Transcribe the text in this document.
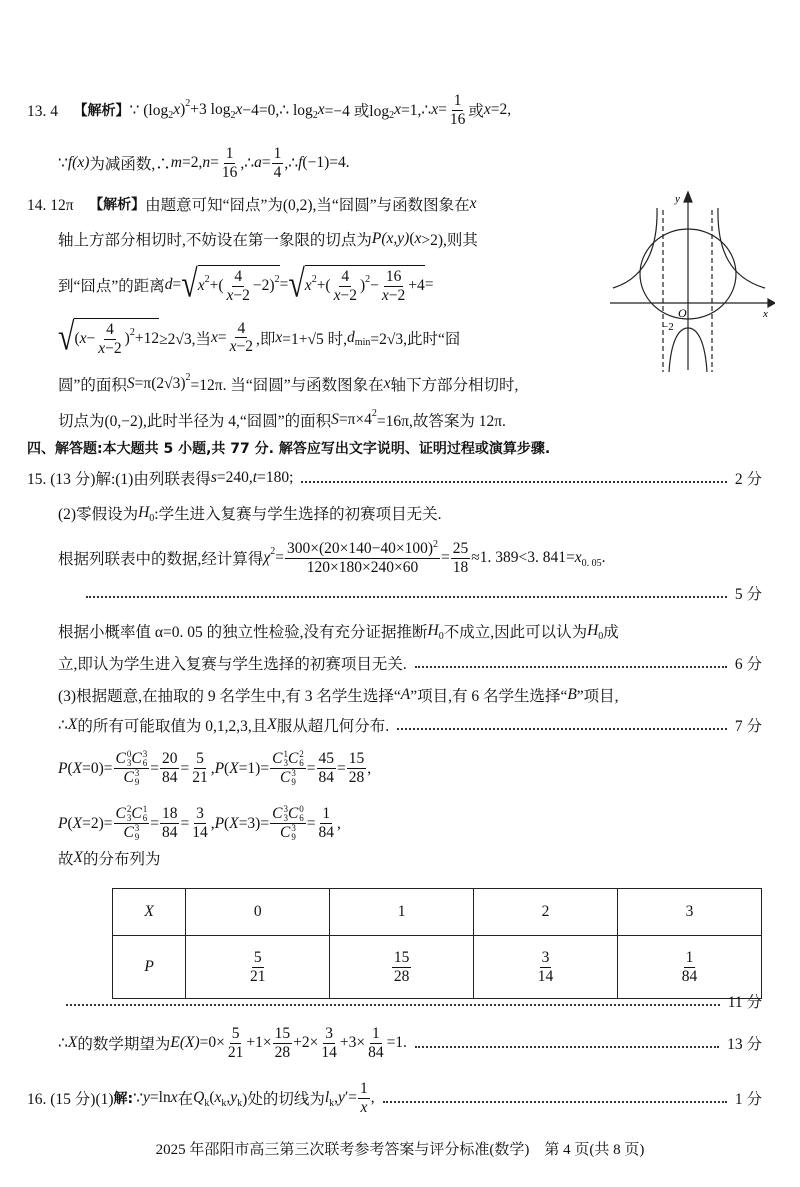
13. 4　 【解析】 ∵ (log 2 x ) 2 +3 log 2 x −4=0,∴ log 2 x =−4 或log 2 x =1,∴ $x = \frac{1}{16}$ 或 x =2,
∵ f(x) 为减函数,∴ m =2, $n = \frac{1}{16}$ ,∴ $a = \frac{1}{4}$ ,∴ f (−1)=4.
14. 12π　 【解析】 由题意可知“囧点”为(0,2),当“囧圆”与函数图象在 x
轴上方部分相切时,不妨设在第一象限的切点为 P(x,y) ( x >2),则其
到“囧点”的距离 d = √ x 2 +( $\frac{4}{x -2} -2$) 2 = √ x 2 +( $\frac{4}{x -2}$ ) $2 - \frac{16}{x -2} +4$ =
√ ( $x - \frac{4}{x -2}$ ) 2 +12 ≥2√3,当 $x = \frac{4}{x -2}$ ,即 x =1+√5 时, d min =2√3,此时“囧
圆”的面积 S =π(2√3) 2 =12π. 当“囧圆”与函数图象在 x 轴下方部分相切时,
切点为(0,−2),此时半径为 4,“囧圆”的面积 S =π×4 2 =16π,故答案为 12π.
四、解答题:本大题共 5 小题,共 77 分. 解答应写出文字说明、证明过程或演算步骤.
15. (13 分)解:(1)由列联表得 s =240, t =180;	2 分
(2)零假设为 H 0 :学生进入复赛与学生选择的初赛项目无关.
根据列联表中的数据,经计算得 χ $2 = \frac{300\times(20\times 140-40\times 100) 2}{120\times 180\times 240\times 60} = \frac{25}{18} \approx 1$. 389<3. 841= x 0. 05 .
5 分
根据小概率值 α=0. 05 的独立性检验,没有充分证据推断 H 0 不成立,因此可以认为 H 0 成
立,即认为学生进入复赛与学生选择的初赛项目无关.	6 分
(3)根据题意,在抽取的 9 名学生中,有 3 名学生选择“ A ”项目,有 6 名学生选择“ B ”项目,
∴ X 的所有可能取值为 0,1,2,3,且 X 服从超几何分布.	7 分
P ( X =0)= C 0
3 C 3
6
C 3
$9 = \frac{20}{84} = \frac{5}{21}$ , P ( X =1)= C 1
3 C 2
6
C 3
$9 = \frac{45}{84} = \frac{15}{28}$ ,
P ( X =2)= C 2
3 C 1
6
C 3
$9 = \frac{18}{84} = \frac{3}{14}$ , P ( X =3)= C 3
3 C 0
6
C 3
$9 = \frac{1}{84}$ ,
故 X 的分布列为
11 分
∴ X 的数学期望为 $E(X) =0\times \frac{5}{21} +1\times \frac{15}{28} +2\times \frac{3}{14} +3\times \frac{1}{84} =1$.	13 分
16. (15 分)(1) 解: ∵ y =ln x 在 Q k ( x k , y k )处的切线为 l k , y ′= $\frac{1}{x}$ ,	1 分
O
−2
x
y
X	0	1	2	3
P	$\frac{5}{21}$	$\frac{15}{28}$	$\frac{3}{14}$	$\frac{1}{84}$
2025 年邵阳市高三第三次联考参考答案与评分标准(数学)　第 4 页(共 8 页)
